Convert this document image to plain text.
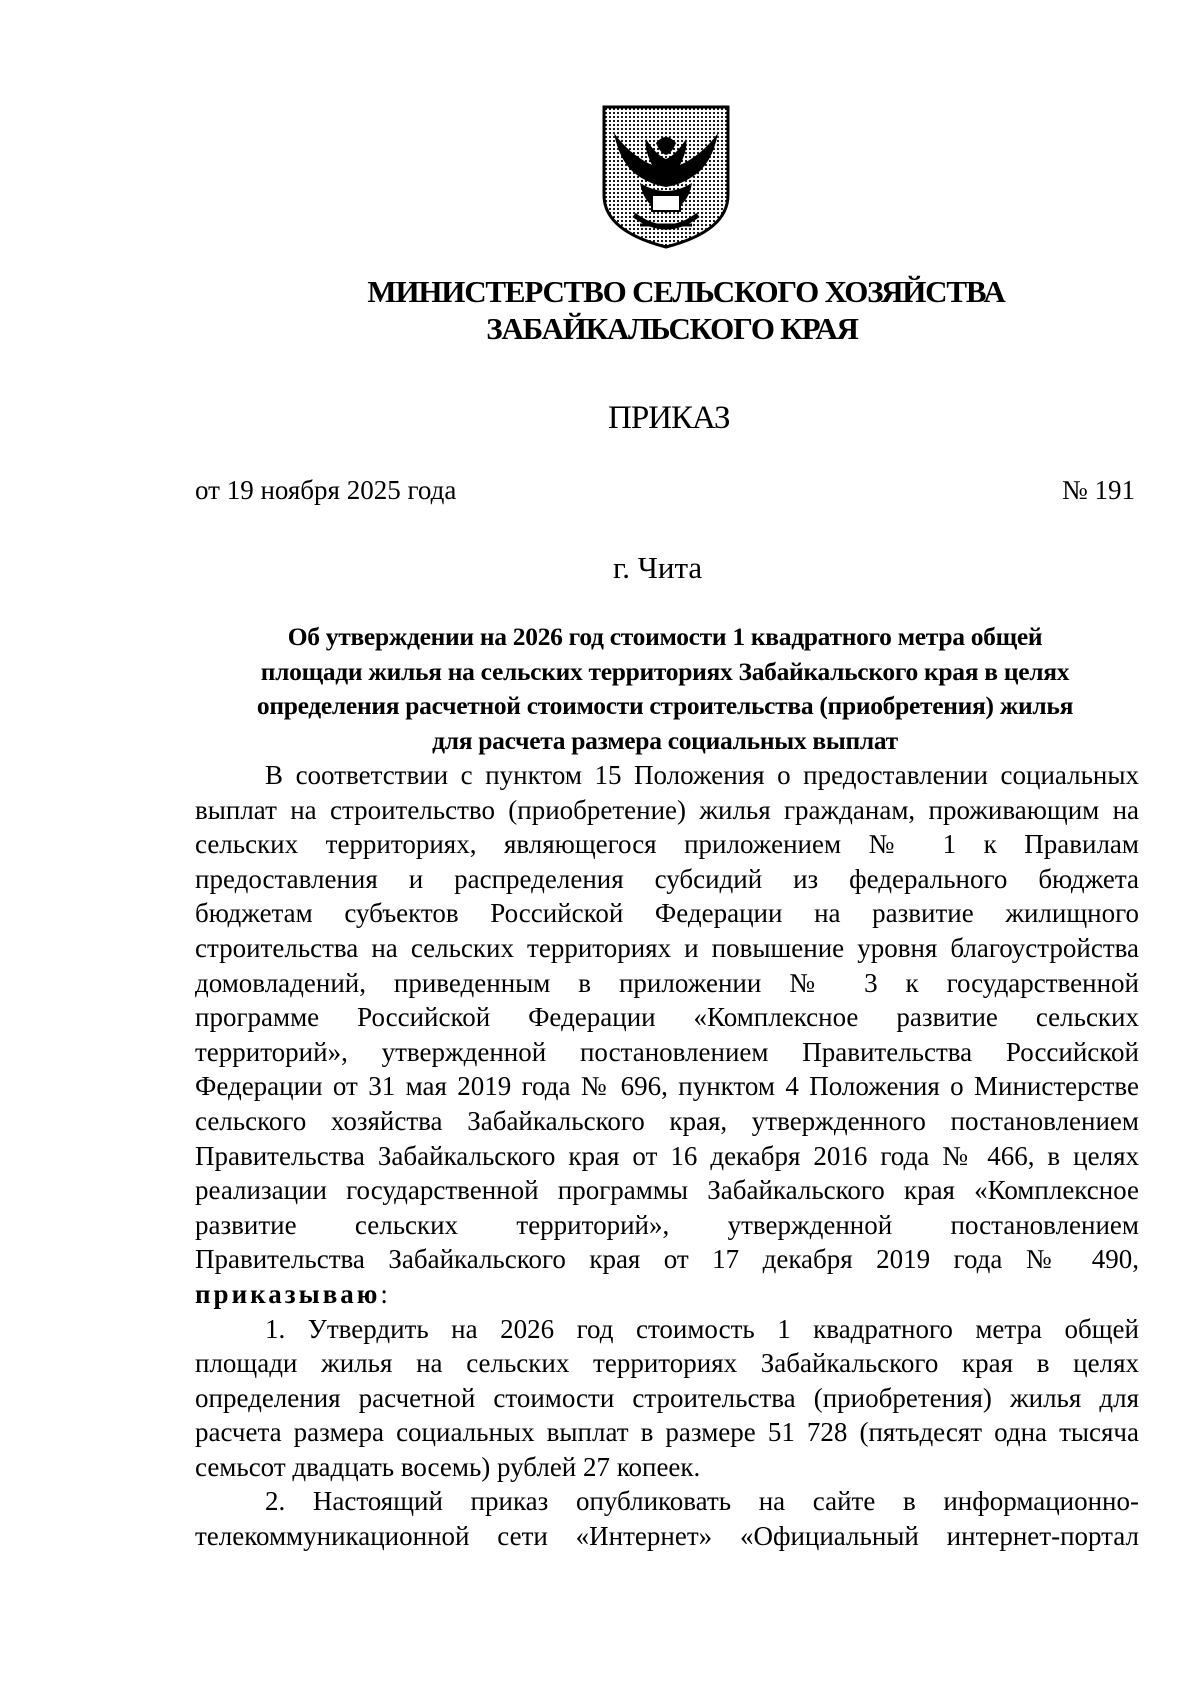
МИНИСТЕРСТВО СЕЛЬСКОГО ХОЗЯЙСТВА
ЗАБАЙКАЛЬСКОГО КРАЯ
ПРИКАЗ
от 19 ноября 2025 года	№ 191
г. Чита
Об утверждении на 2026 год стоимости 1 квадратного метра общей
площади жилья на сельских территориях Забайкальского края в целях
определения расчетной стоимости строительства (приобретения) жилья
для расчета размера социальных выплат
В соответствии с пунктом 15 Положения о предоставлении социальных
выплат на строительство (приобретение) жилья гражданам, проживающим на
сельских территориях, являющегося приложением № 1 к Правилам
предоставления и распределения субсидий из федерального бюджета
бюджетам субъектов Российской Федерации на развитие жилищного
строительства на сельских территориях и повышение уровня благоустройства
домовладений, приведенным в приложении № 3 к государственной
программе Российской Федерации «Комплексное развитие сельских
территорий», утвержденной постановлением Правительства Российской
Федерации от 31 мая 2019 года № 696, пунктом 4 Положения о Министерстве
сельского хозяйства Забайкальского края, утвержденного постановлением
Правительства Забайкальского края от 16 декабря 2016 года № 466, в целях
реализации государственной программы Забайкальского края «Комплексное
развитие сельских территорий», утвержденной постановлением
Правительства Забайкальского края от 17 декабря 2019 года № 490,
приказываю:
1. Утвердить на 2026 год стоимость 1 квадратного метра общей
площади жилья на сельских территориях Забайкальского края в целях
определения расчетной стоимости строительства (приобретения) жилья для
расчета размера социальных выплат в размере 51 728 (пятьдесят одна тысяча
семьсот двадцать восемь) рублей 27 копеек.
2. Настоящий приказ опубликовать на сайте в информационно-
телекоммуникационной сети «Интернет» «Официальный интернет-портал
